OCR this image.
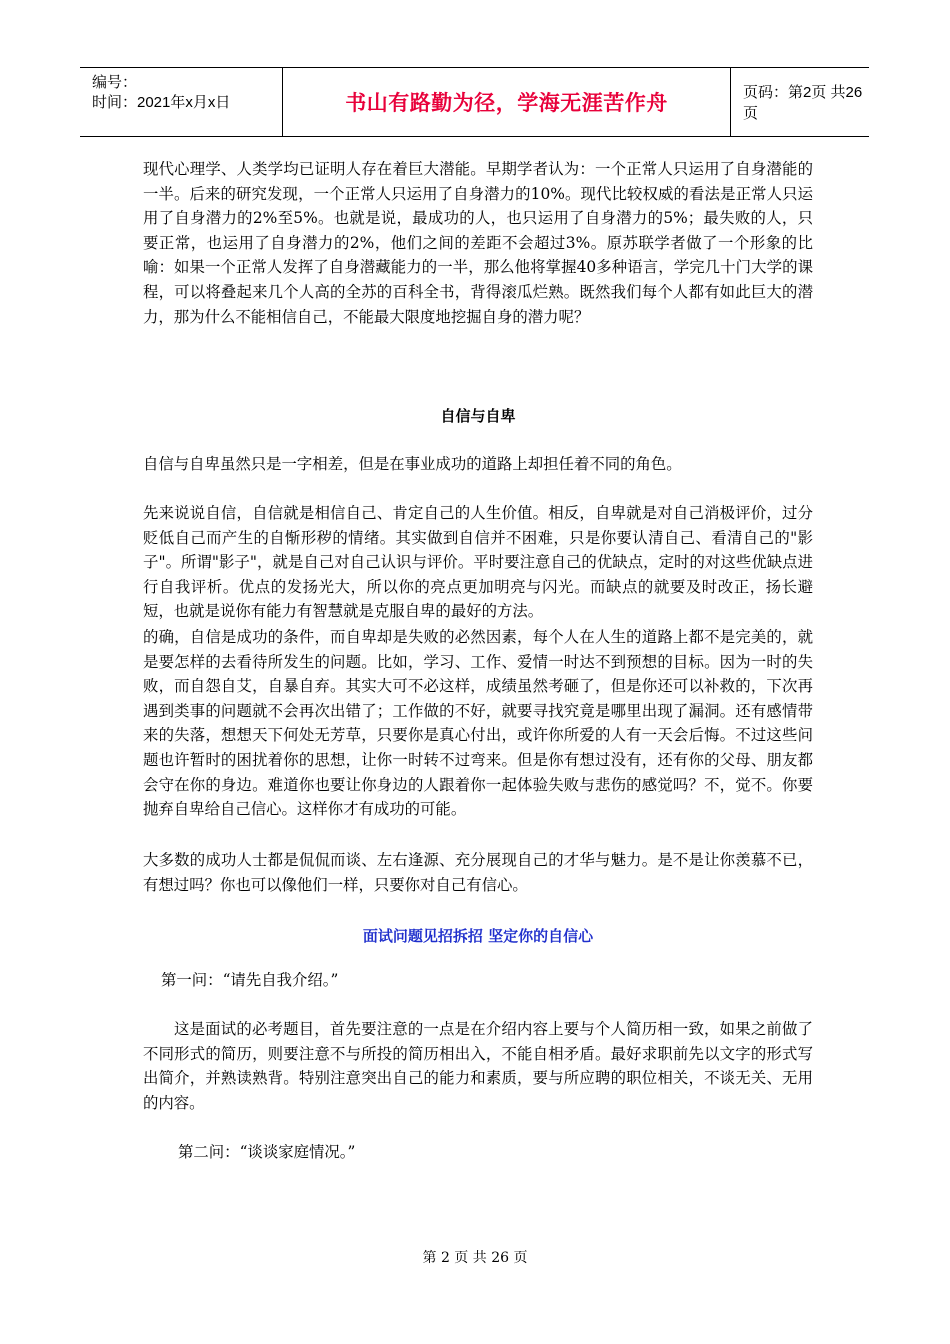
编号：
时间：2021年x月x日	书山有路勤为径，学海无涯苦作舟	页码：第2页 共26页

现代心理学、人类学均已证明人存在着巨大潜能。早期学者认为：一个正常人只运用了自身潜能的一半。后来的研究发现，一个正常人只运用了自身潜力的10%。现代比较权威的看法是正常人只运用了自身潜力的2%至5%。也就是说，最成功的人，也只运用了自身潜力的5%；最失败的人，只要正常，也运用了自身潜力的2%，他们之间的差距不会超过3%。原苏联学者做了一个形象的比喻：如果一个正常人发挥了自身潜藏能力的一半，那么他将掌握40多种语言，学完几十门大学的课程，可以将叠起来几个人高的全苏的百科全书，背得滚瓜烂熟。既然我们每个人都有如此巨大的潜力，那为什么不能相信自己，不能最大限度地挖掘自身的潜力呢？

自信与自卑

自信与自卑虽然只是一字相差，但是在事业成功的道路上却担任着不同的角色。

先来说说自信，自信就是相信自己、肯定自己的人生价值。相反，自卑就是对自己消极评价，过分贬低自己而产生的自惭形秽的情绪。其实做到自信并不困难，只是你要认清自己、看清自己的"影子"。所谓"影子"，就是自己对自己认识与评价。平时要注意自己的优缺点，定时的对这些优缺点进行自我评析。优点的发扬光大，所以你的亮点更加明亮与闪光。而缺点的就要及时改正，扬长避短，也就是说你有能力有智慧就是克服自卑的最好的方法。

的确，自信是成功的条件，而自卑却是失败的必然因素，每个人在人生的道路上都不是完美的，就是要怎样的去看待所发生的问题。比如，学习、工作、爱情一时达不到预想的目标。因为一时的失败，而自怨自艾，自暴自弃。其实大可不必这样，成绩虽然考砸了，但是你还可以补救的，下次再遇到类事的问题就不会再次出错了；工作做的不好，就要寻找究竟是哪里出现了漏洞。还有感情带来的失落，想想天下何处无芳草，只要你是真心付出，或许你所爱的人有一天会后悔。不过这些问题也许暂时的困扰着你的思想，让你一时转不过弯来。但是你有想过没有，还有你的父母、朋友都会守在你的身边。难道你也要让你身边的人跟着你一起体验失败与悲伤的感觉吗？不，觉不。你要抛弃自卑给自己信心。这样你才有成功的可能。

大多数的成功人士都是侃侃而谈、左右逢源、充分展现自己的才华与魅力。是不是让你羡慕不已，有想过吗？你也可以像他们一样，只要你对自己有信心。

面试问题见招拆招 坚定你的自信心

第一问：“请先自我介绍。”

这是面试的必考题目，首先要注意的一点是在介绍内容上要与个人简历相一致，如果之前做了不同形式的简历，则要注意不与所投的简历相出入，不能自相矛盾。最好求职前先以文字的形式写出简介，并熟读熟背。特别注意突出自己的能力和素质，要与所应聘的职位相关，不谈无关、无用的内容。

第二问：“谈谈家庭情况。”

第 2 页 共 26 页
